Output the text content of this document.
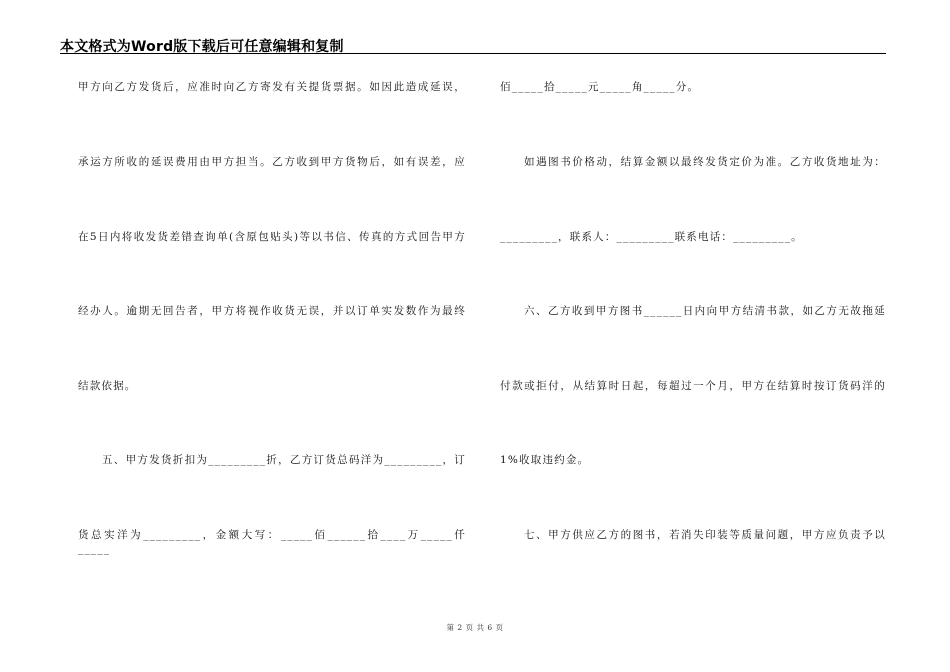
本文格式为Word版下载后可任意编辑和复制
甲方向乙方发货后，应准时向乙方寄发有关提货票据。如因此造成延误，
承运方所收的延误费用由甲方担当。乙方收到甲方货物后，如有误差，应
在5日内将收发货差错查询单(含原包贴头)等以书信、传真的方式回告甲方
经办人。逾期无回告者，甲方将视作收货无误，并以订单实发数作为最终
结款依据。
五、甲方发货折扣为_________折，乙方订货总码洋为_________，订
货总实洋为_________，金额大写：_____佰______拾____万_____仟_____
佰_____拾_____元_____角_____分。
如遇图书价格动，结算金额以最终发货定价为准。乙方收货地址为：
_________，联系人：_________联系电话：_________。
六、乙方收到甲方图书______日内向甲方结清书款，如乙方无故拖延
付款或拒付，从结算时日起，每超过一个月，甲方在结算时按订货码洋的
1%收取违约金。
七、甲方供应乙方的图书，若消失印装等质量问题，甲方应负责予以
第 2 页 共 6 页
